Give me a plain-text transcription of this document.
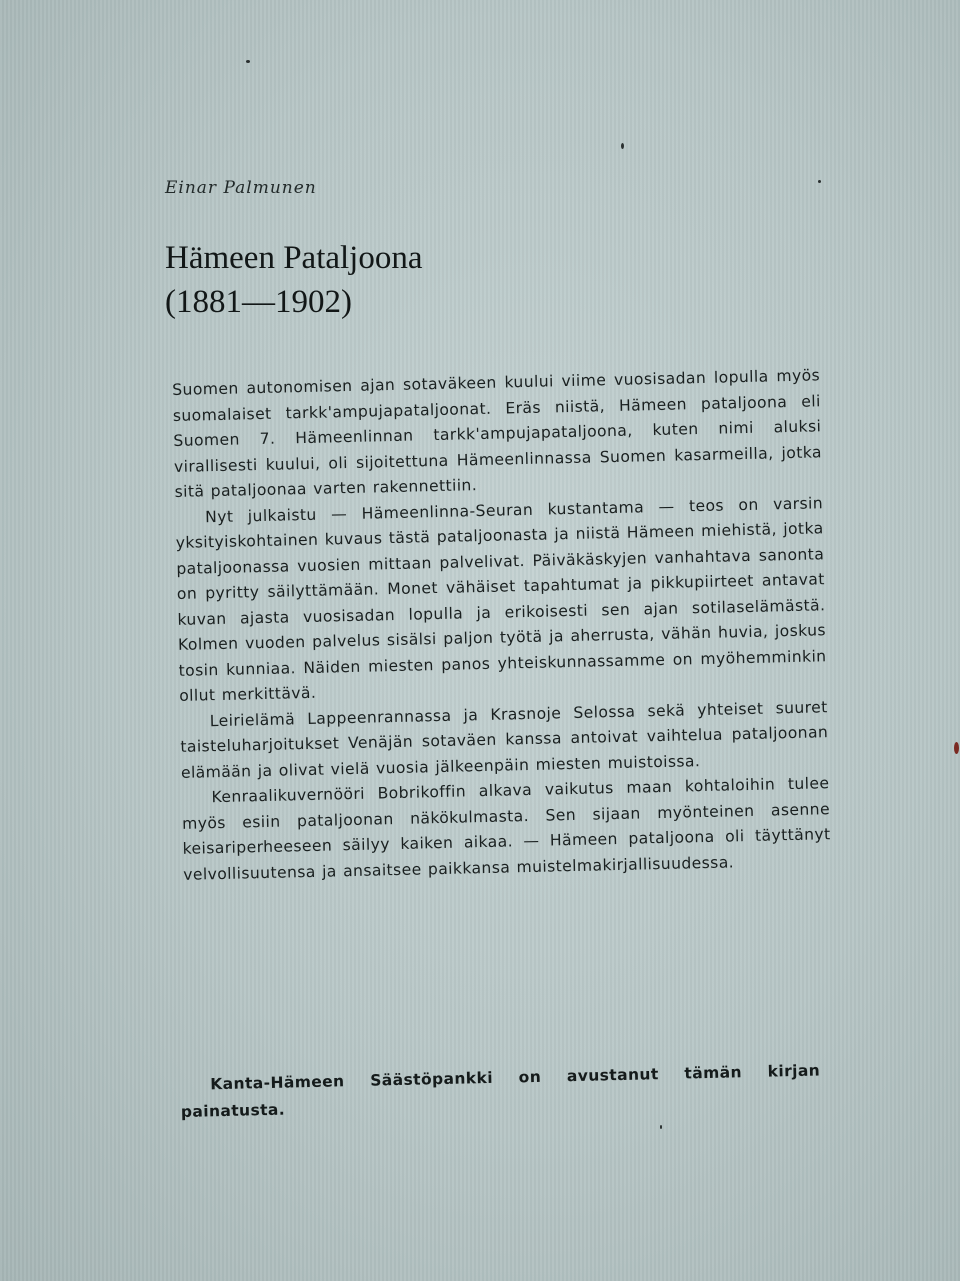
Einar Palmunen
Hämeen Pataljoona
(1881—1902)

Suomen autonomisen ajan sotaväkeen kuului viime vuosisadan lopulla myös suomalaiset tarkk'ampujapataljoonat. Eräs niistä, Hämeen pataljoona eli Suomen 7. Hämeenlinnan tarkk'ampujapataljoona, kuten nimi aluksi virallisesti kuului, oli sijoitettuna Hämeenlinnassa Suomen kasarmeilla, jotka sitä pataljoonaa varten rakennettiin.

Nyt julkaistu — Hämeenlinna-Seuran kustantama — teos on varsin yksityiskohtainen kuvaus tästä pataljoonasta ja niistä Hämeen miehistä, jotka pataljoonassa vuosien mittaan palvelivat. Päiväkäskyjen vanhahtava sanonta on pyritty säilyttämään. Monet vähäiset tapahtumat ja pikkupiirteet antavat kuvan ajasta vuosisadan lopulla ja erikoisesti sen ajan sotilaselämästä. Kolmen vuoden palvelus sisälsi paljon työtä ja aherrusta, vähän huvia, joskus tosin kunniaa. Näiden miesten panos yhteiskunnassamme on myöhemminkin ollut merkittävä.

Leirielämä Lappeenrannassa ja Krasnoje Selossa sekä yhteiset suuret taisteluharjoitukset Venäjän sotaväen kanssa antoivat vaihtelua pataljoonan elämään ja olivat vielä vuosia jälkeenpäin miesten muistoissa.

Kenraalikuvernööri Bobrikoffin alkava vaikutus maan kohtaloihin tulee myös esiin pataljoonan näkökulmasta. Sen sijaan myönteinen asenne keisariperheeseen säilyy kaiken aikaa. — Hämeen pataljoona oli täyttänyt velvollisuutensa ja ansaitsee paikkansa muistelmakirjallisuudessa.

Kanta-Hämeen Säästöpankki on avustanut tämän kirjan painatusta.
